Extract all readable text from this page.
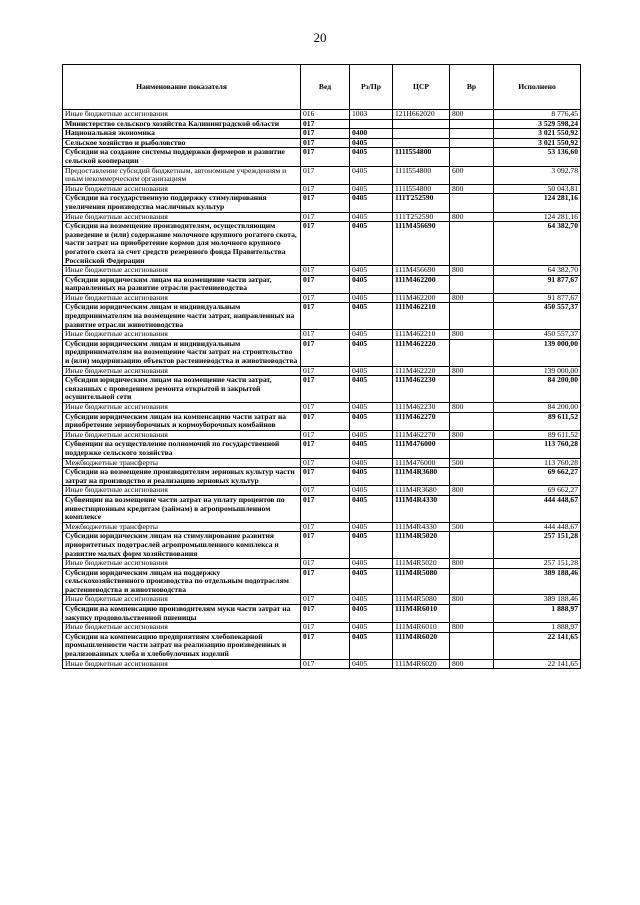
20
Наименование показателя	Вед	Рз/Пр	ЦСР	Вр	Исполнено
Иные бюджетные ассигнования	016	1003	121Н662020	800	8 776,45
Министерство сельского хозяйства Калининградской области	017				3 529 598,24
Национальная экономика	017	0400			3 021 550,92
Сельское хозяйство и рыболовство	017	0405			3 021 550,92
Субсидии на создание системы поддержки фермеров и развитие сельской кооперации	017	0405	111I554800		53 136,60
Предоставление субсидий бюджетным, автономным учреждениям и иным некоммерческим организациям	017	0405	111I554800	600	3 092,78
Иные бюджетные ассигнования	017	0405	111I554800	800	50 043,81
Субсидии на государственную поддержку стимулирования увеличения производства масличных культур	017	0405	111T252590		124 281,16
Иные бюджетные ассигнования	017	0405	111T252590	800	124 281,16
Субсидии на возмещение производителям, осуществляющим разведение и (или) содержание молочного крупного рогатого скота, части затрат на приобретение кормов для молочного крупного рогатого скота за счет средств резервного фонда Правительства Российской Федерации	017	0405	111M456690		64 382,70
Иные бюджетные ассигнования	017	0405	111M456690	800	64 382,70
Субсидии юридическим лицам на возмещение части затрат, направленных на развитие отрасли растениеводства	017	0405	111M462200		91 877,67
Иные бюджетные ассигнования	017	0405	111M462200	800	91 877,67
Субсидии юридическим лицам и индивидуальным предпринимателям на возмещение части затрат, направленных на развитие отрасли животноводства	017	0405	111M462210		450 557,37
Иные бюджетные ассигнования	017	0405	111M462210	800	450 557,37
Субсидии юридическим лицам и индивидуальным предпринимателям на возмещение части затрат на строительство и (или) модернизацию объектов растениеводства и животноводства	017	0405	111M462220		139 000,00
Иные бюджетные ассигнования	017	0405	111M462220	800	139 000,00
Субсидии юридическим лицам на возмещение части затрат, связанных с проведением ремонта открытой и закрытой осушительной сети	017	0405	111M462230		84 200,00
Иные бюджетные ассигнования	017	0405	111M462230	800	84 200,00
Субсидии юридическим лицам на компенсацию части затрат на приобретение зерноуборочных и кормоуборочных комбайнов	017	0405	111M462270		89 611,52
Иные бюджетные ассигнования	017	0405	111M462270	800	89 611,52
Субвенции на осуществление полномочий по государственной поддержке сельского хозяйства	017	0405	111M476000		113 760,28
Межбюджетные трансферты	017	0405	111M476000	500	113 760,28
Субсидии на возмещение производителям зерновых культур части затрат на производство и реализацию зерновых культур	017	0405	111M4R3680		69 662,27
Иные бюджетные ассигнования	017	0405	111M4R3680	800	69 662,27
Субвенции на возмещение части затрат на уплату процентов по инвестиционным кредитам (займам) в агропромышленном комплексе	017	0405	111M4R4330		444 448,67
Межбюджетные трансферты	017	0405	111M4R4330	500	444 448,67
Субсидии юридическим лицам на стимулирование развития приоритетных подотраслей агропромышленного комплекса и развитие малых форм хозяйствования	017	0405	111M4R5020		257 151,28
Иные бюджетные ассигнования	017	0405	111M4R5020	800	257 151,28
Субсидии юридическим лицам на поддержку сельскохозяйственного производства по отдельным подотраслям растениеводства и животноводства	017	0405	111M4R5080		389 188,46
Иные бюджетные ассигнования	017	0405	111M4R5080	800	389 188,46
Субсидии на компенсацию производителям муки части затрат на закупку продовольственной пшеницы	017	0405	111M4R6010		1 888,97
Иные бюджетные ассигнования	017	0405	111M4R6010	800	1 888,97
Субсидии на компенсацию предприятиям хлебопекарной промышленности части затрат на реализацию произведенных и реализованных хлеба и хлебобулочных изделий	017	0405	111M4R6020		22 141,65
Иные бюджетные ассигнования	017	0405	111M4R6020	800	22 141,65
